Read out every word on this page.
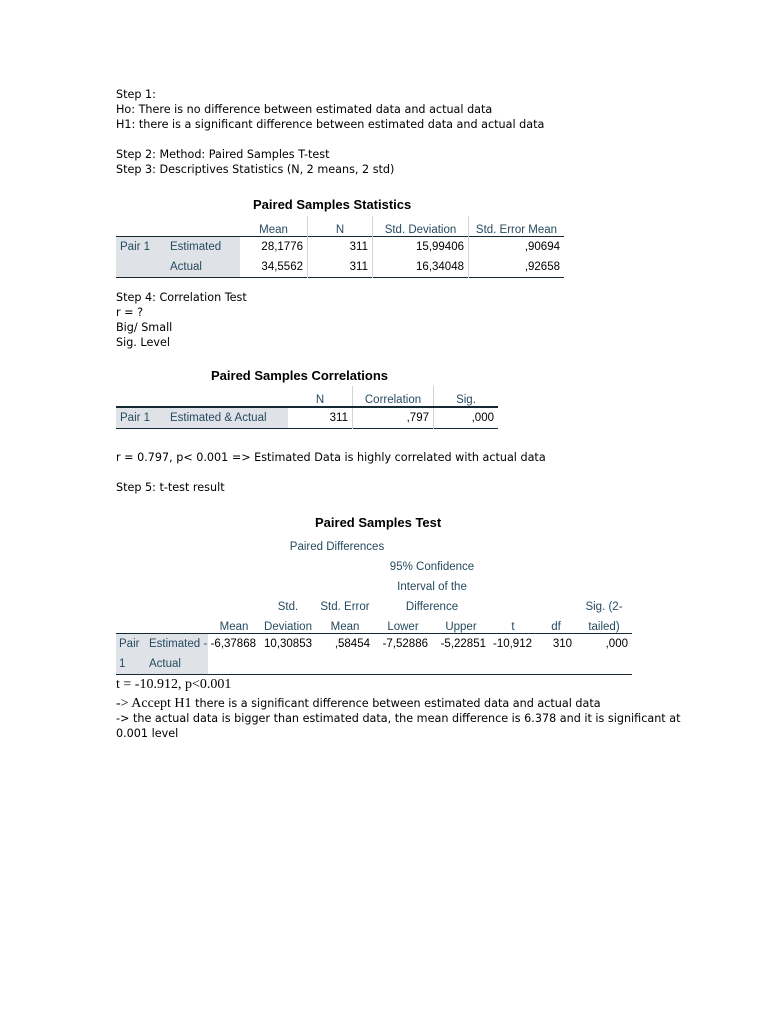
Step 1:
Ho: There is no difference between estimated data and actual data
H1: there is a significant difference between estimated data and actual data
Step 2: Method: Paired Samples T-test
Step 3: Descriptives Statistics (N, 2 means, 2 std)
Paired Samples Statistics
		Mean	N	Std. Deviation	Std. Error Mean
Pair 1	Estimated	28,1776	311	15,99406	,90694
	Actual	34,5562	311	16,34048	,92658
Step 4: Correlation Test
r = ?
Big/ Small
Sig. Level
Paired Samples Correlations
		N	Correlation	Sig.
Pair 1	Estimated & Actual	311	,797	,000
r = 0.797, p< 0.001 => Estimated Data is highly correlated with actual data
Step 5: t-test result
Paired Samples Test
		Paired Differences							
					95% Confidence				
					Interval of the				
			Std.	Std. Error	Difference				Sig. (2-
		Mean	Deviation	Mean	Lower	Upper	t	df	tailed)
Pair	Estimated -	-6,37868	10,30853	,58454	-7,52886	-5,22851	-10,912	310	,000
1	Actual								
t = -10.912, p<0.001
-> Accept H1 there is a significant difference between estimated data and actual data
-> the actual data is bigger than estimated data, the mean difference is 6.378 and it is significant at
0.001 level
